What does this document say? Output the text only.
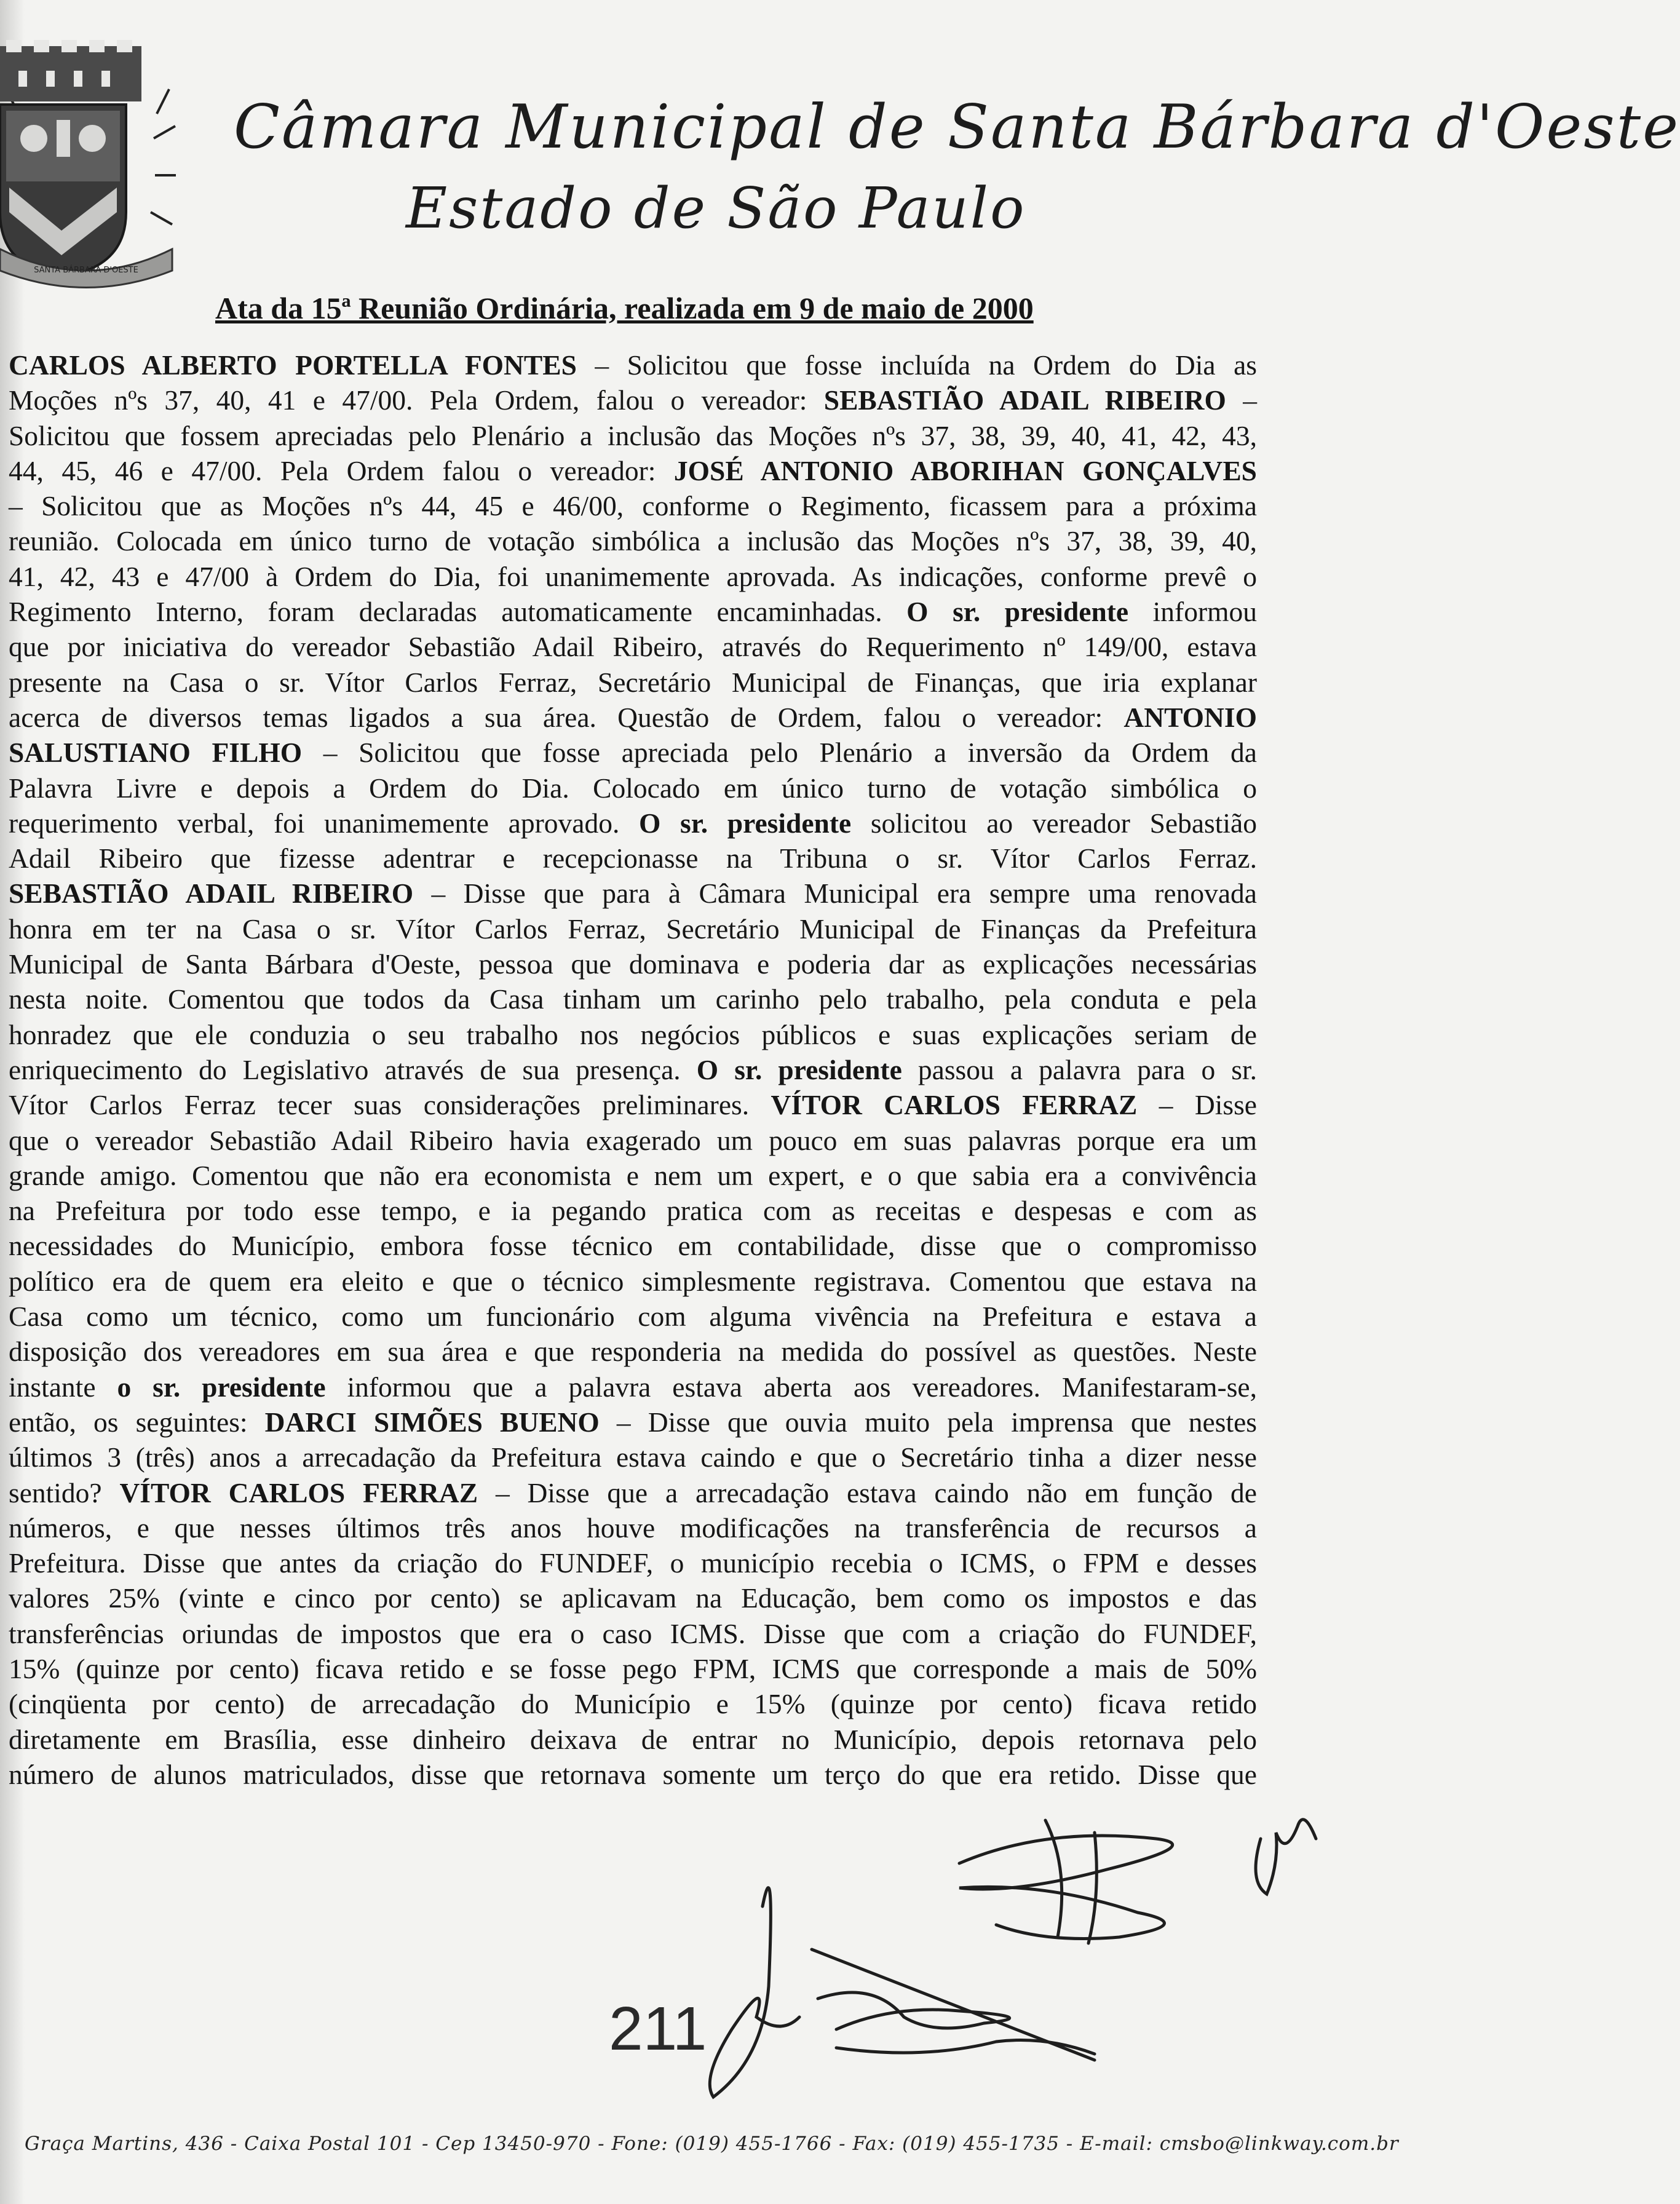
SANTA BÁRBARA D'OESTE
Câmara Municipal de Santa Bárbara d'Oeste
Estado de São Paulo
Ata da 15ª Reunião Ordinária, realizada em 9 de maio de 2000
CARLOS ALBERTO PORTELLA FONTES – Solicitou que fosse incluída na Ordem do Dia as
Moções nºs 37, 40, 41 e 47/00. Pela Ordem, falou o vereador: SEBASTIÃO ADAIL RIBEIRO –
Solicitou que fossem apreciadas pelo Plenário a inclusão das Moções nºs 37, 38, 39, 40, 41, 42, 43,
44, 45, 46 e 47/00. Pela Ordem falou o vereador: JOSÉ ANTONIO ABORIHAN GONÇALVES
– Solicitou que as Moções nºs 44, 45 e 46/00, conforme o Regimento, ficassem para a próxima
reunião. Colocada em único turno de votação simbólica a inclusão das Moções nºs 37, 38, 39, 40,
41, 42, 43 e 47/00 à Ordem do Dia, foi unanimemente aprovada. As indicações, conforme prevê o
Regimento Interno, foram declaradas automaticamente encaminhadas. O sr. presidente informou
que por iniciativa do vereador Sebastião Adail Ribeiro, através do Requerimento nº 149/00, estava
presente na Casa o sr. Vítor Carlos Ferraz, Secretário Municipal de Finanças, que iria explanar
acerca de diversos temas ligados a sua área. Questão de Ordem, falou o vereador: ANTONIO
SALUSTIANO FILHO – Solicitou que fosse apreciada pelo Plenário a inversão da Ordem da
Palavra Livre e depois a Ordem do Dia. Colocado em único turno de votação simbólica o
requerimento verbal, foi unanimemente aprovado. O sr. presidente solicitou ao vereador Sebastião
Adail Ribeiro que fizesse adentrar e recepcionasse na Tribuna o sr. Vítor Carlos Ferraz.
SEBASTIÃO ADAIL RIBEIRO – Disse que para à Câmara Municipal era sempre uma renovada
honra em ter na Casa o sr. Vítor Carlos Ferraz, Secretário Municipal de Finanças da Prefeitura
Municipal de Santa Bárbara d'Oeste, pessoa que dominava e poderia dar as explicações necessárias
nesta noite. Comentou que todos da Casa tinham um carinho pelo trabalho, pela conduta e pela
honradez que ele conduzia o seu trabalho nos negócios públicos e suas explicações seriam de
enriquecimento do Legislativo através de sua presença. O sr. presidente passou a palavra para o sr.
Vítor Carlos Ferraz tecer suas considerações preliminares. VÍTOR CARLOS FERRAZ – Disse
que o vereador Sebastião Adail Ribeiro havia exagerado um pouco em suas palavras porque era um
grande amigo. Comentou que não era economista e nem um expert, e o que sabia era a convivência
na Prefeitura por todo esse tempo, e ia pegando pratica com as receitas e despesas e com as
necessidades do Município, embora fosse técnico em contabilidade, disse que o compromisso
político era de quem era eleito e que o técnico simplesmente registrava. Comentou que estava na
Casa como um técnico, como um funcionário com alguma vivência na Prefeitura e estava a
disposição dos vereadores em sua área e que responderia na medida do possível as questões. Neste
instante o sr. presidente informou que a palavra estava aberta aos vereadores. Manifestaram-se,
então, os seguintes: DARCI SIMÕES BUENO – Disse que ouvia muito pela imprensa que nestes
últimos 3 (três) anos a arrecadação da Prefeitura estava caindo e que o Secretário tinha a dizer nesse
sentido? VÍTOR CARLOS FERRAZ – Disse que a arrecadação estava caindo não em função de
números, e que nesses últimos três anos houve modificações na transferência de recursos a
Prefeitura. Disse que antes da criação do FUNDEF, o município recebia o ICMS, o FPM e desses
valores 25% (vinte e cinco por cento) se aplicavam na Educação, bem como os impostos e das
transferências oriundas de impostos que era o caso ICMS. Disse que com a criação do FUNDEF,
15% (quinze por cento) ficava retido e se fosse pego FPM, ICMS que corresponde a mais de 50%
(cinqüenta por cento) de arrecadação do Município e 15% (quinze por cento) ficava retido
diretamente em Brasília, esse dinheiro deixava de entrar no Município, depois retornava pelo
número de alunos matriculados, disse que retornava somente um terço do que era retido. Disse que
211
Graça Martins, 436 - Caixa Postal 101 - Cep 13450-970 - Fone: (019) 455-1766 - Fax: (019) 455-1735 - E-mail: cmsbo@linkway.com.br
